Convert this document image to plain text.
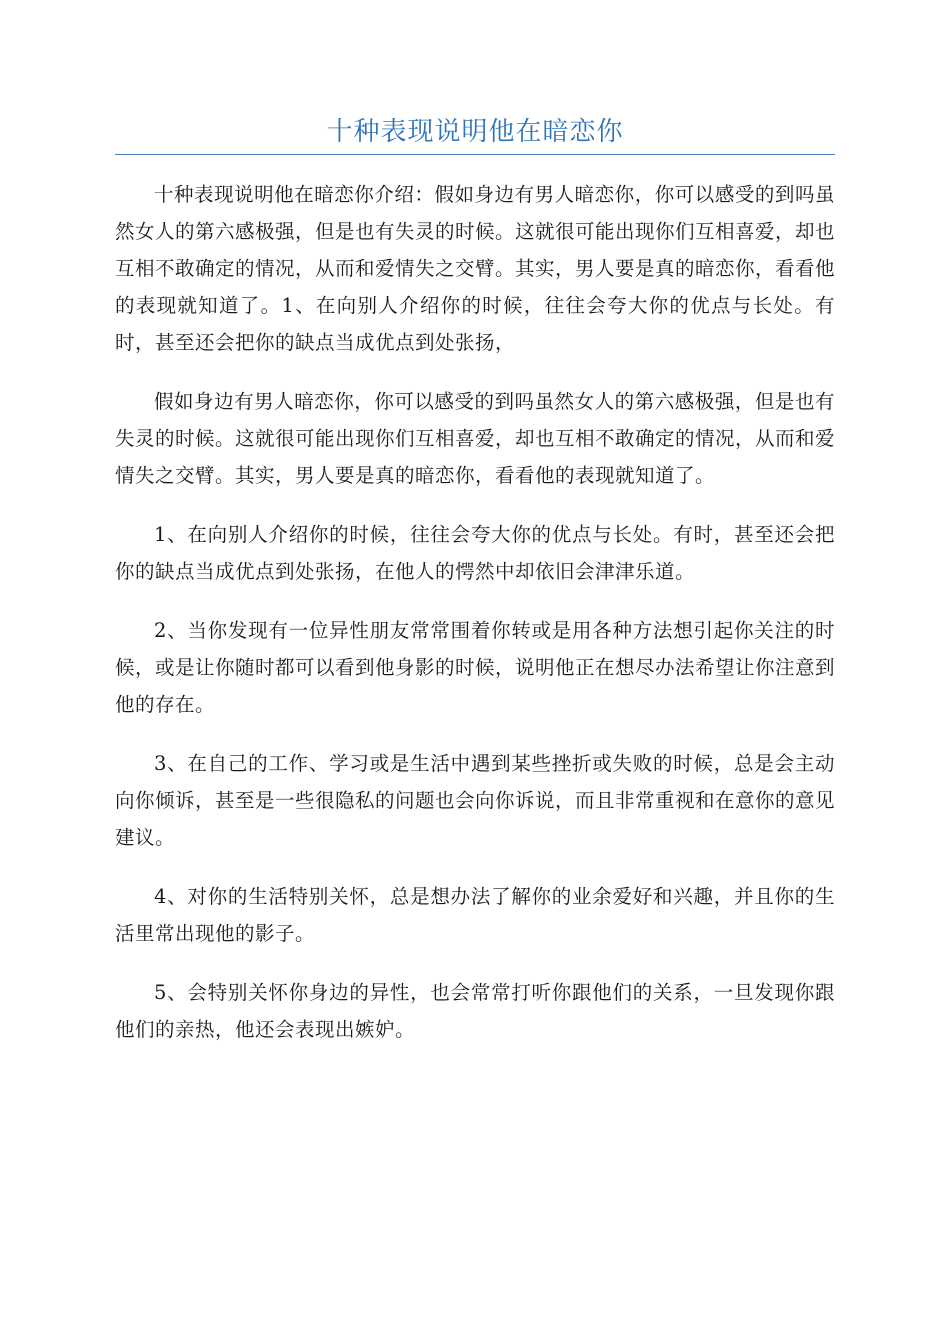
十种表现说明他在暗恋你

十种表现说明他在暗恋你介绍：假如身边有男人暗恋你，你可以感受的到吗虽然女人的第六感极强，但是也有失灵的时候。这就很可能出现你们互相喜爱，却也互相不敢确定的情况，从而和爱情失之交臂。其实，男人要是真的暗恋你，看看他的表现就知道了。1、在向别人介绍你的时候，往往会夸大你的优点与长处。有时，甚至还会把你的缺点当成优点到处张扬，

假如身边有男人暗恋你，你可以感受的到吗虽然女人的第六感极强，但是也有失灵的时候。这就很可能出现你们互相喜爱，却也互相不敢确定的情况，从而和爱情失之交臂。其实，男人要是真的暗恋你，看看他的表现就知道了。

1、在向别人介绍你的时候，往往会夸大你的优点与长处。有时，甚至还会把你的缺点当成优点到处张扬，在他人的愕然中却依旧会津津乐道。

2、当你发现有一位异性朋友常常围着你转或是用各种方法想引起你关注的时候，或是让你随时都可以看到他身影的时候，说明他正在想尽办法希望让你注意到他的存在。

3、在自己的工作、学习或是生活中遇到某些挫折或失败的时候，总是会主动向你倾诉，甚至是一些很隐私的问题也会向你诉说，而且非常重视和在意你的意见建议。

4、对你的生活特别关怀，总是想办法了解你的业余爱好和兴趣，并且你的生活里常出现他的影子。

5、会特别关怀你身边的异性，也会常常打听你跟他们的关系，一旦发现你跟他们的亲热，他还会表现出嫉妒。
